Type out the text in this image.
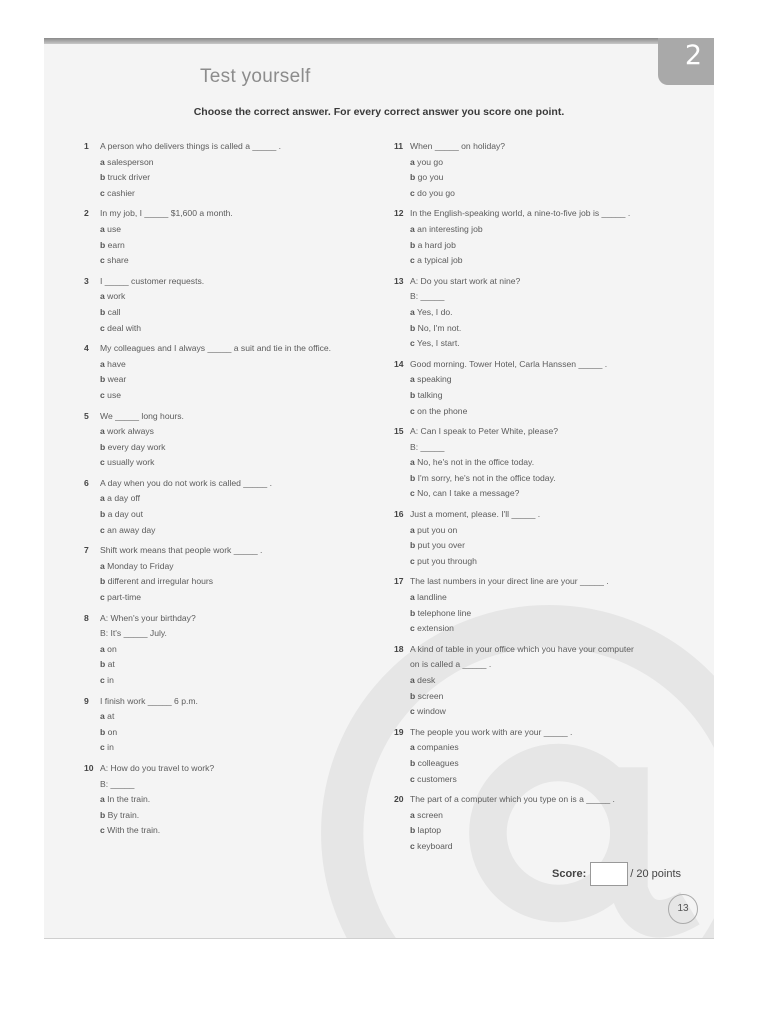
2
Test yourself
Choose the correct answer. For every correct answer you score one point.
1 A person who delivers things is called a _____ .
a salesperson
b truck driver
c cashier
2 In my job, I _____ $1,600 a month.
a use
b earn
c share
3 I _____ customer requests.
a work
b call
c deal with
4 My colleagues and I always _____ a suit and tie in the office.
a have
b wear
c use
5 We _____ long hours.
a work always
b every day work
c usually work
6 A day when you do not work is called _____ .
a a day off
b a day out
c an away day
7 Shift work means that people work _____ .
a Monday to Friday
b different and irregular hours
c part-time
8 A: When's your birthday?
B: It's _____ July.
a on
b at
c in
9 I finish work _____ 6 p.m.
a at
b on
c in
10 A: How do you travel to work?
B: _____
a In the train.
b By train.
c With the train.
11 When _____ on holiday?
a you go
b go you
c do you go
12 In the English-speaking world, a nine-to-five job is _____ .
a an interesting job
b a hard job
c a typical job
13 A: Do you start work at nine?
B: _____
a Yes, I do.
b No, I'm not.
c Yes, I start.
14 Good morning. Tower Hotel, Carla Hanssen _____ .
a speaking
b talking
c on the phone
15 A: Can I speak to Peter White, please?
B: _____
a No, he's not in the office today.
b I'm sorry, he's not in the office today.
c No, can I take a message?
16 Just a moment, please. I'll _____ .
a put you on
b put you over
c put you through
17 The last numbers in your direct line are your _____ .
a landline
b telephone line
c extension
18 A kind of table in your office which you have your computer
on is called a _____ .
a desk
b screen
c window
19 The people you work with are your _____ .
a companies
b colleagues
c customers
20 The part of a computer which you type on is a _____ .
a screen
b laptop
c keyboard
Score:	/ 20 points
13
